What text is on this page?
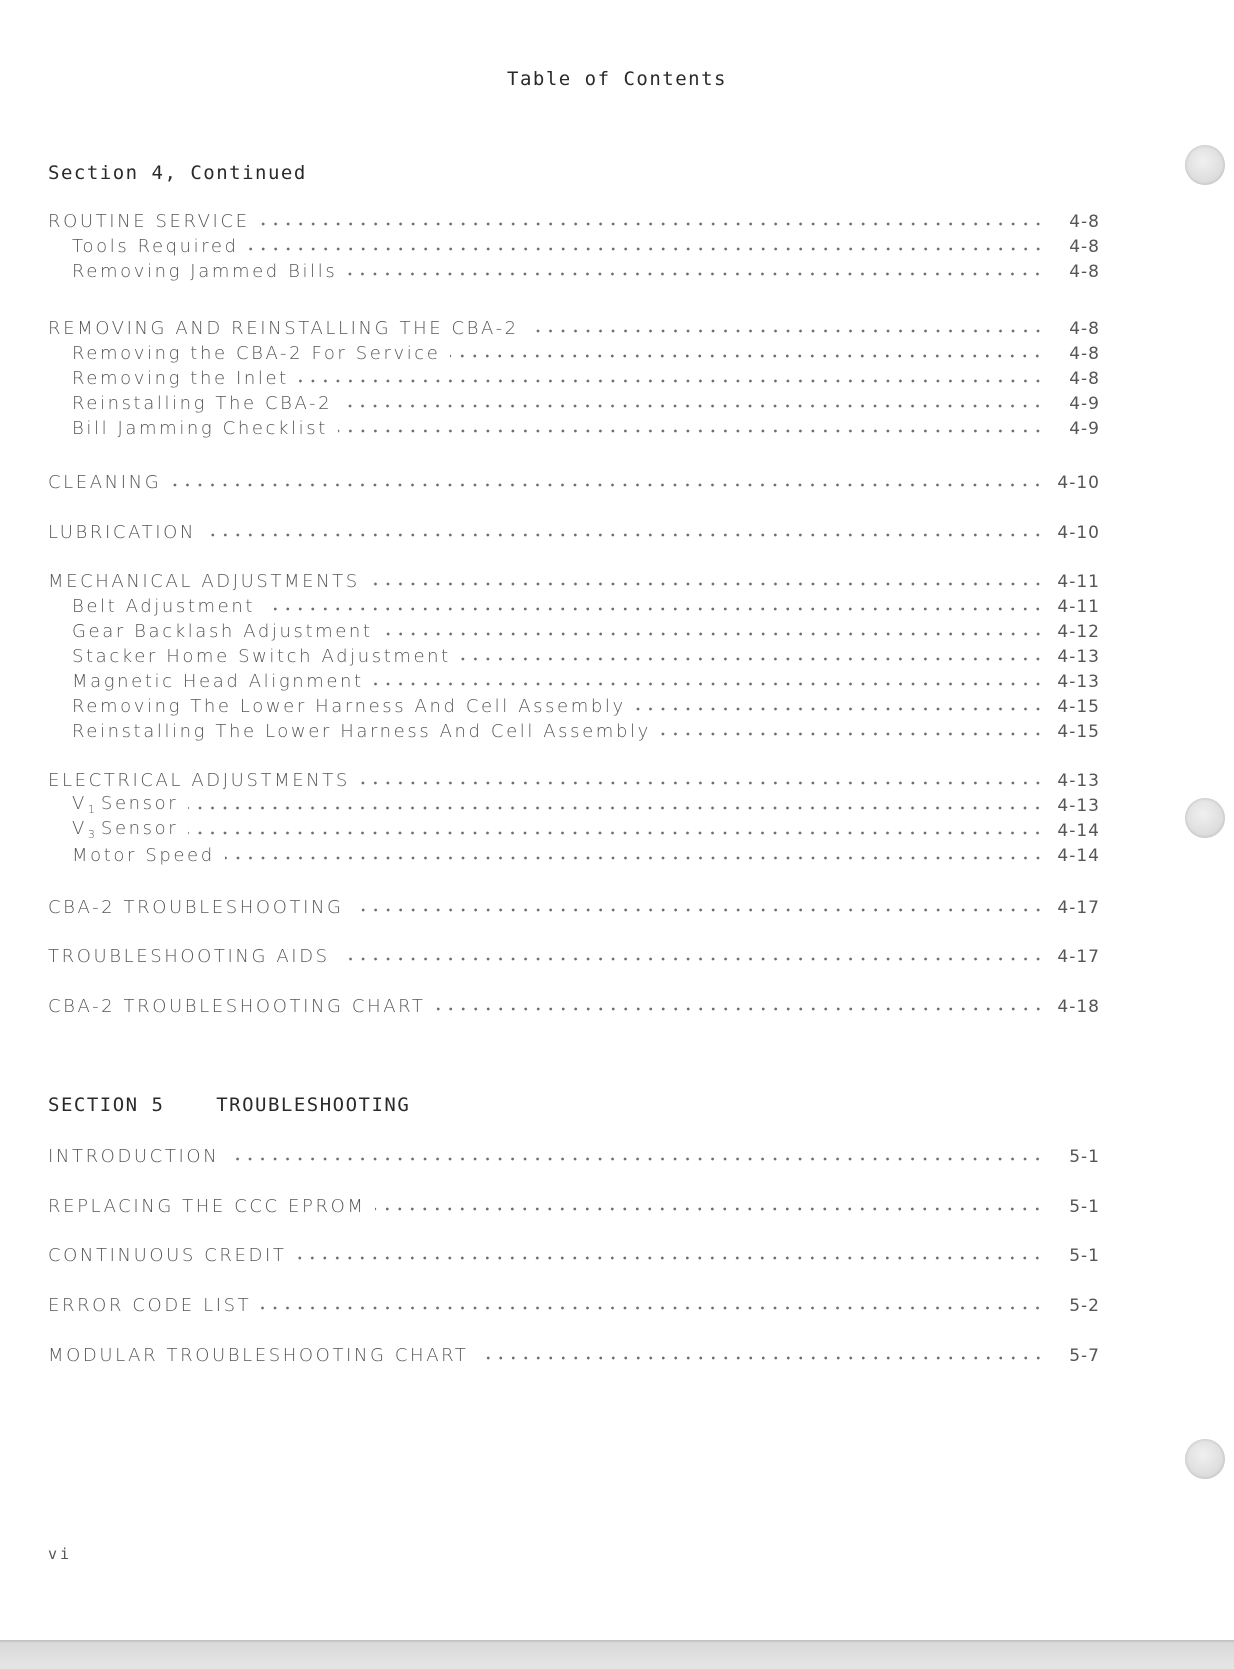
Table of Contents
Section 4, Continued
ROUTINE SERVICE	4-8
Tools Required	4-8
Removing Jammed Bills	4-8
REMOVING AND REINSTALLING THE CBA-2	4-8
Removing the CBA-2 For Service	4-8
Removing the Inlet	4-8
Reinstalling The CBA-2	4-9
Bill Jamming Checklist	4-9
CLEANING	4-10
LUBRICATION	4-10
MECHANICAL ADJUSTMENTS	4-11
Belt Adjustment	4-11
Gear Backlash Adjustment	4-12
Stacker Home Switch Adjustment	4-13
Magnetic Head Alignment	4-13
Removing The Lower Harness And Cell Assembly	4-15
Reinstalling The Lower Harness And Cell Assembly	4-15
ELECTRICAL ADJUSTMENTS	4-13
$V_1$ Sensor	4-13
$V_3$ Sensor	4-14
Motor Speed	4-14
CBA-2 TROUBLESHOOTING	4-17
TROUBLESHOOTING AIDS	4-17
CBA-2 TROUBLESHOOTING CHART	4-18
SECTION 5    TROUBLESHOOTING
INTRODUCTION	5-1
REPLACING THE CCC EPROM	5-1
CONTINUOUS CREDIT	5-1
ERROR CODE LIST	5-2
MODULAR TROUBLESHOOTING CHART	5-7
vi
